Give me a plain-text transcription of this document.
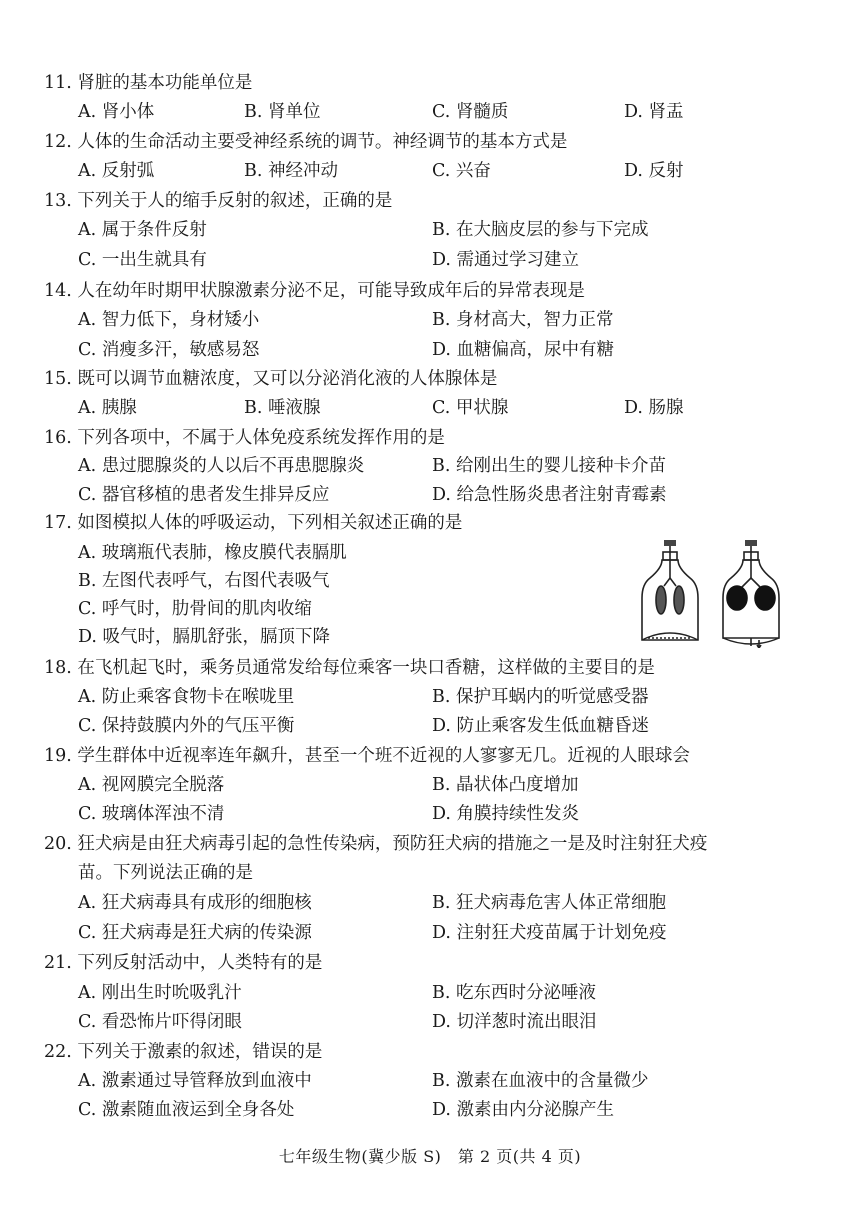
11. 肾脏的基本功能单位是
A. 肾小体	B. 肾单位	C. 肾髓质	D. 肾盂
12. 人体的生命活动主要受神经系统的调节。神经调节的基本方式是
A. 反射弧	B. 神经冲动	C. 兴奋	D. 反射
13. 下列关于人的缩手反射的叙述，正确的是
A. 属于条件反射	B. 在大脑皮层的参与下完成
C. 一出生就具有	D. 需通过学习建立
14. 人在幼年时期甲状腺激素分泌不足，可能导致成年后的异常表现是
A. 智力低下，身材矮小	B. 身材高大，智力正常
C. 消瘦多汗，敏感易怒	D. 血糖偏高，尿中有糖
15. 既可以调节血糖浓度，又可以分泌消化液的人体腺体是
A. 胰腺	B. 唾液腺	C. 甲状腺	D. 肠腺
16. 下列各项中，不属于人体免疫系统发挥作用的是
A. 患过腮腺炎的人以后不再患腮腺炎	B. 给刚出生的婴儿接种卡介苗
C. 器官移植的患者发生排异反应	D. 给急性肠炎患者注射青霉素
17. 如图模拟人体的呼吸运动，下列相关叙述正确的是
A. 玻璃瓶代表肺，橡皮膜代表膈肌
B. 左图代表呼气，右图代表吸气
C. 呼气时，肋骨间的肌肉收缩
D. 吸气时，膈肌舒张，膈顶下降
18. 在飞机起飞时，乘务员通常发给每位乘客一块口香糖，这样做的主要目的是
A. 防止乘客食物卡在喉咙里	B. 保护耳蜗内的听觉感受器
C. 保持鼓膜内外的气压平衡	D. 防止乘客发生低血糖昏迷
19. 学生群体中近视率连年飙升，甚至一个班不近视的人寥寥无几。近视的人眼球会
A. 视网膜完全脱落	B. 晶状体凸度增加
C. 玻璃体浑浊不清	D. 角膜持续性发炎
20. 狂犬病是由狂犬病毒引起的急性传染病，预防狂犬病的措施之一是及时注射狂犬疫
苗。下列说法正确的是
A. 狂犬病毒具有成形的细胞核	B. 狂犬病毒危害人体正常细胞
C. 狂犬病毒是狂犬病的传染源	D. 注射狂犬疫苗属于计划免疫
21. 下列反射活动中，人类特有的是
A. 刚出生时吮吸乳汁	B. 吃东西时分泌唾液
C. 看恐怖片吓得闭眼	D. 切洋葱时流出眼泪
22. 下列关于激素的叙述，错误的是
A. 激素通过导管释放到血液中	B. 激素在血液中的含量微少
C. 激素随血液运到全身各处	D. 激素由内分泌腺产生
七年级生物(冀少版 S)　第 2 页(共 4 页)
